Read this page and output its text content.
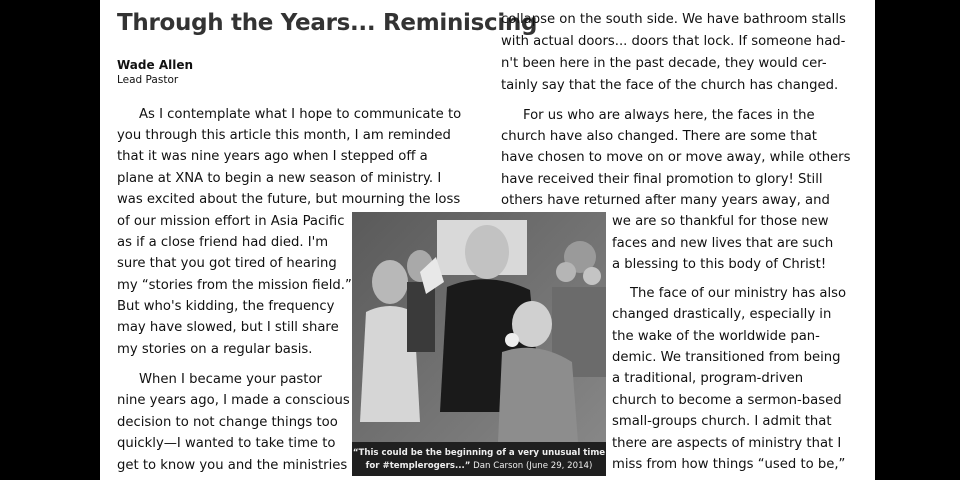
Through the Years... Reminiscing
Wade Allen
Lead Pastor
As I contemplate what I hope to communicate to
you through this article this month, I am reminded
that it was nine years ago when I stepped off a
plane at XNA to begin a new season of ministry. I
was excited about the future, but mourning the loss
of our mission effort in Asia Pacific
as if a close friend had died. I'm
sure that you got tired of hearing
my “stories from the mission field.”
But who's kidding, the frequency
may have slowed, but I still share
my stories on a regular basis.
When I became your pastor
nine years ago, I made a conscious
decision to not change things too
quickly—I wanted to take time to
get to know you and the ministries
collapse on the south side. We have bathroom stalls
with actual doors... doors that lock. If someone had-
n't been here in the past decade, they would cer-
tainly say that the face of the church has changed.
For us who are always here, the faces in the
church have also changed. There are some that
have chosen to move on or move away, while others
have received their final promotion to glory! Still
others have returned after many years away, and
we are so thankful for those new
faces and new lives that are such
a blessing to this body of Christ!
The face of our ministry has also
changed drastically, especially in
the wake of the worldwide pan-
demic. We transitioned from being
a traditional, program-driven
church to become a sermon-based
small-groups church. I admit that
there are aspects of ministry that I
miss from how things “used to be,”
“This could be the beginning of a very unusual time
for #templerogers...” Dan Carson (June 29, 2014)
